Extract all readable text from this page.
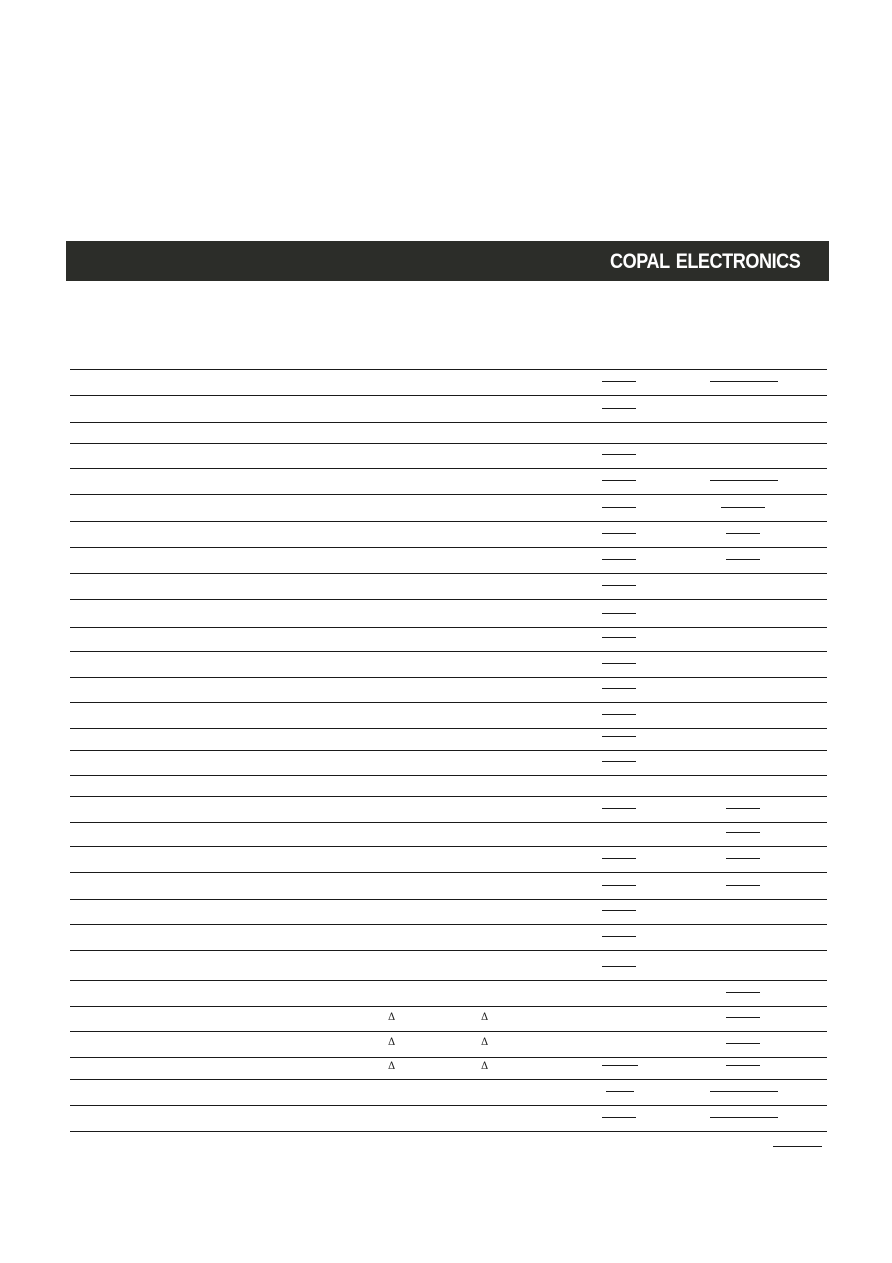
COPAL ELECTRONICS
Δ	Δ
Δ	Δ
Δ	Δ
